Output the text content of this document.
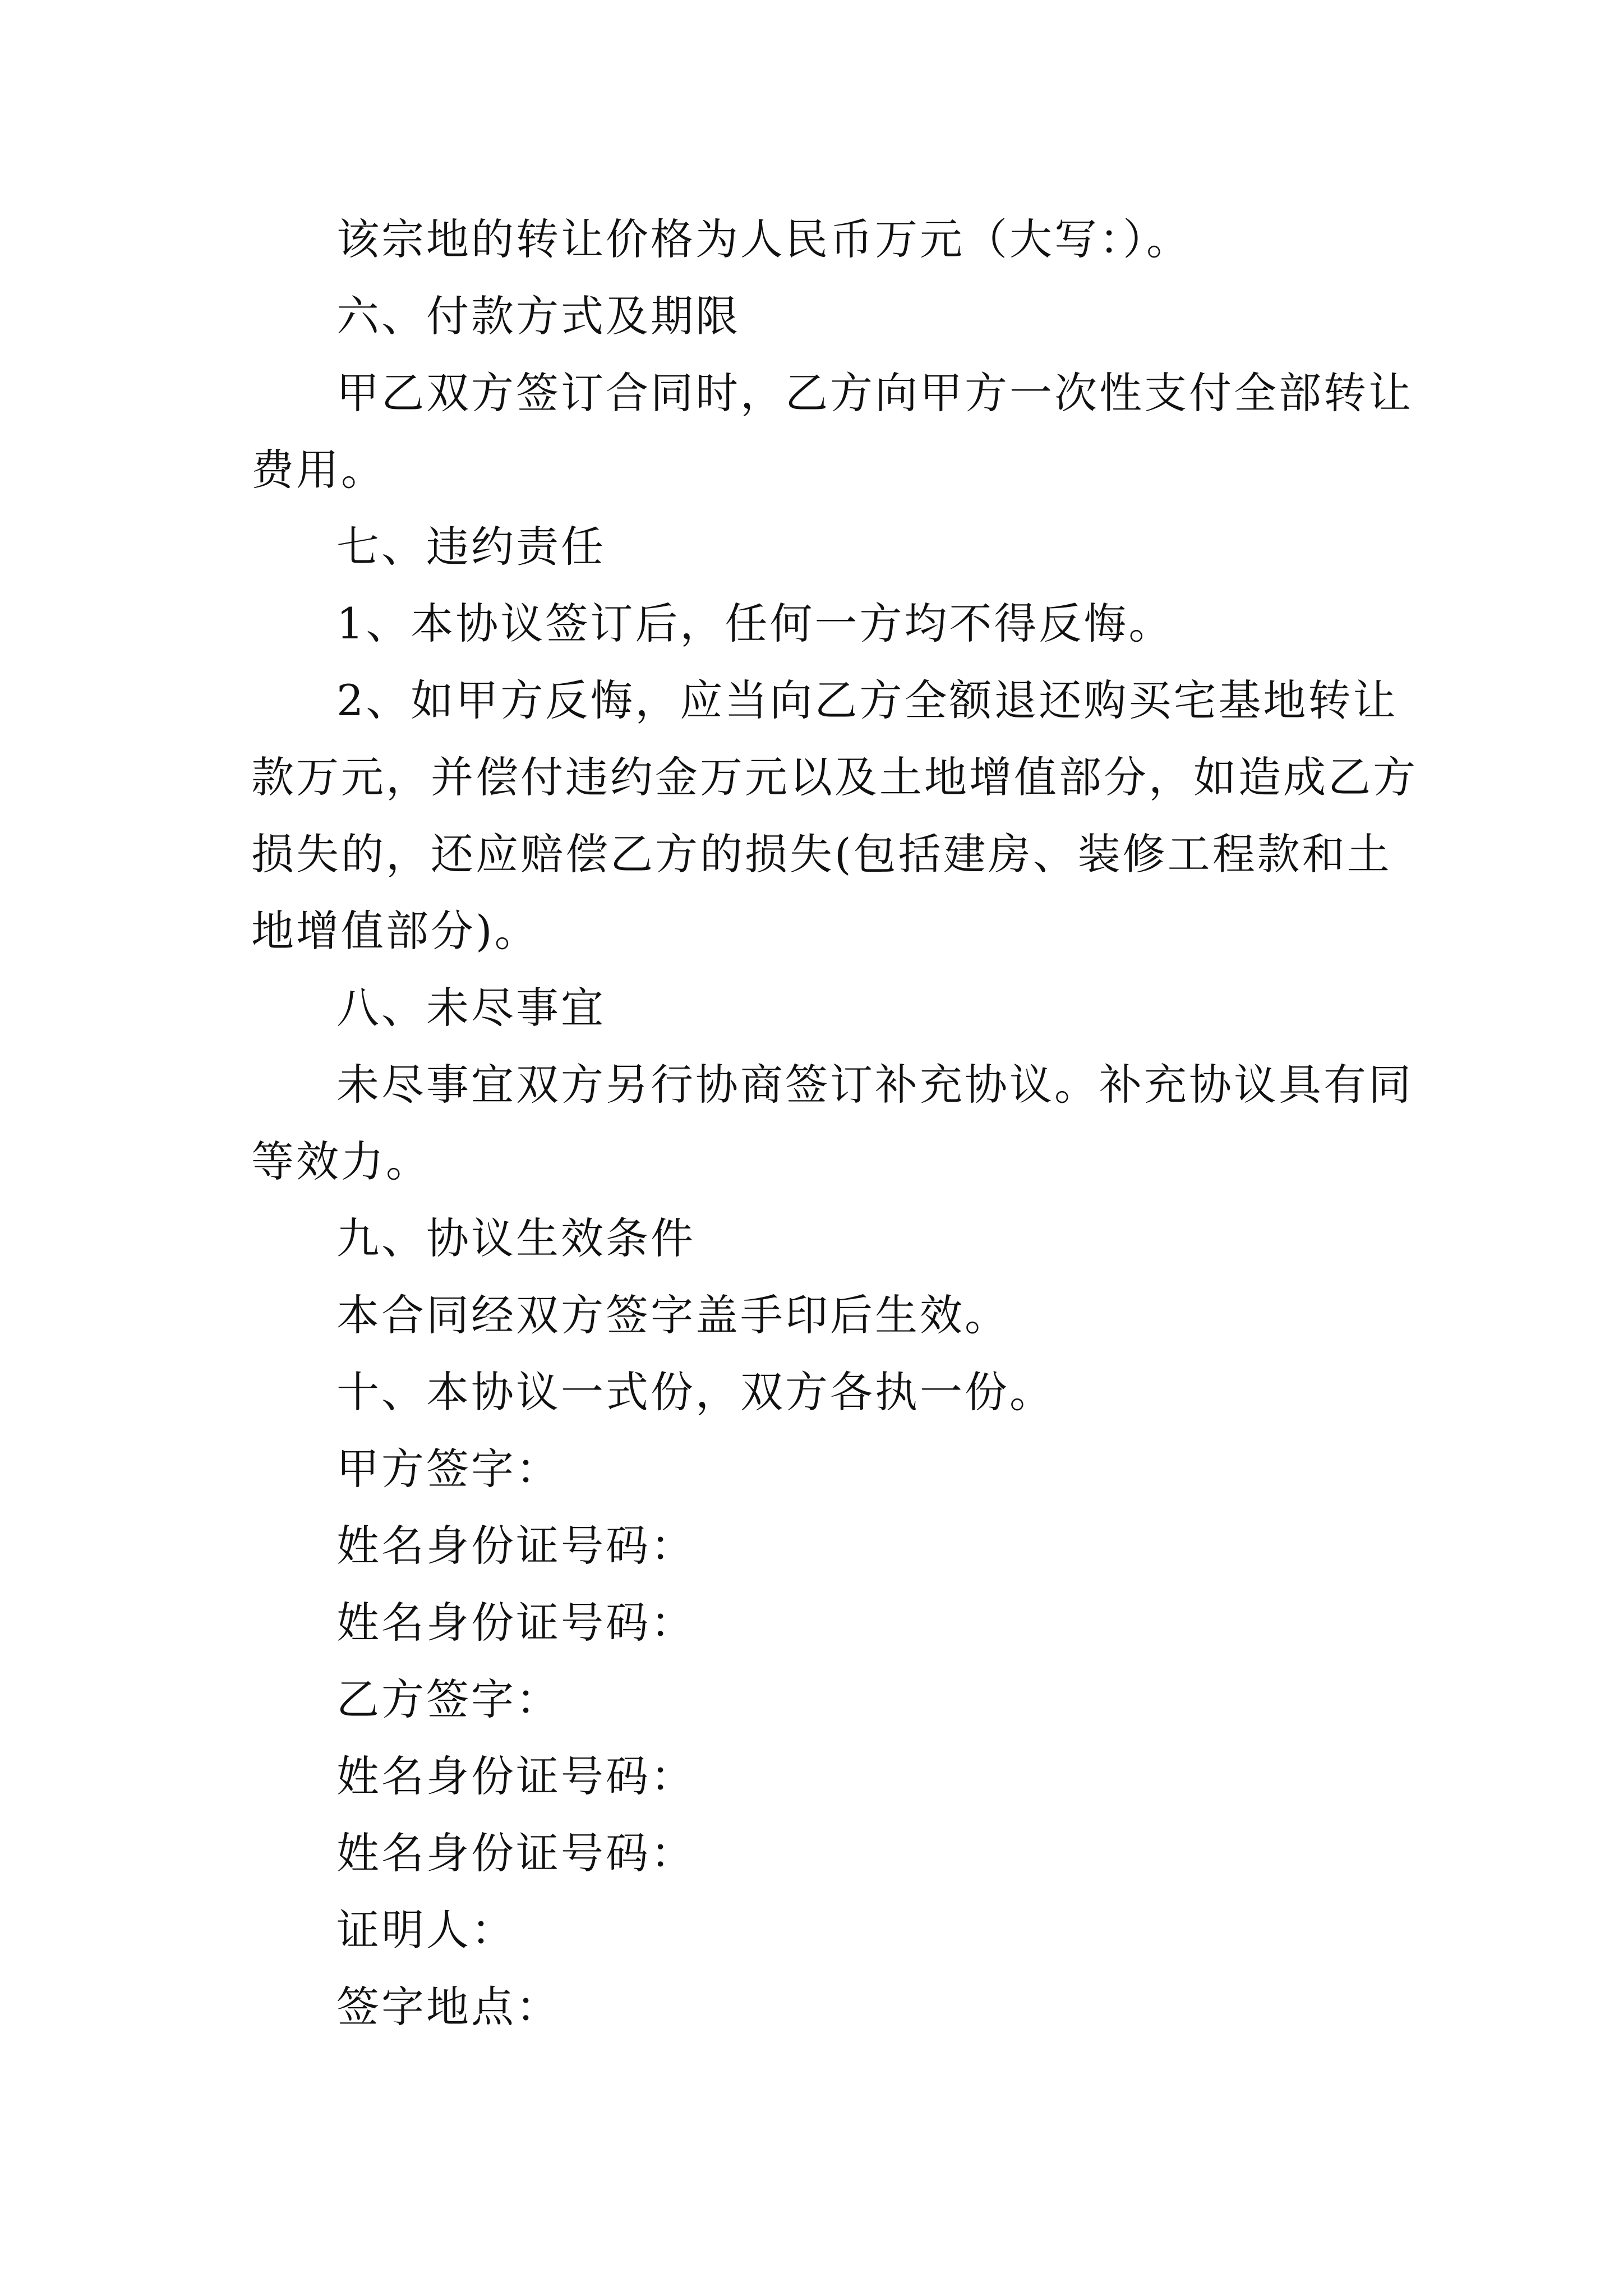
该宗地的转让价格为人民币万元（大写：）。
六、付款方式及期限
甲乙双方签订合同时，乙方向甲方一次性支付全部转让
费用。
七、违约责任
1、本协议签订后，任何一方均不得反悔。
2、如甲方反悔，应当向乙方全额退还购买宅基地转让
款万元，并偿付违约金万元以及土地增值部分，如造成乙方
损失的，还应赔偿乙方的损失(包括建房、装修工程款和土
地增值部分)。
八、未尽事宜
未尽事宜双方另行协商签订补充协议。补充协议具有同
等效力。
九、协议生效条件
本合同经双方签字盖手印后生效。
十、本协议一式份，双方各执一份。
甲方签字：
姓名身份证号码：
姓名身份证号码：
乙方签字：
姓名身份证号码：
姓名身份证号码：
证明人：
签字地点：
